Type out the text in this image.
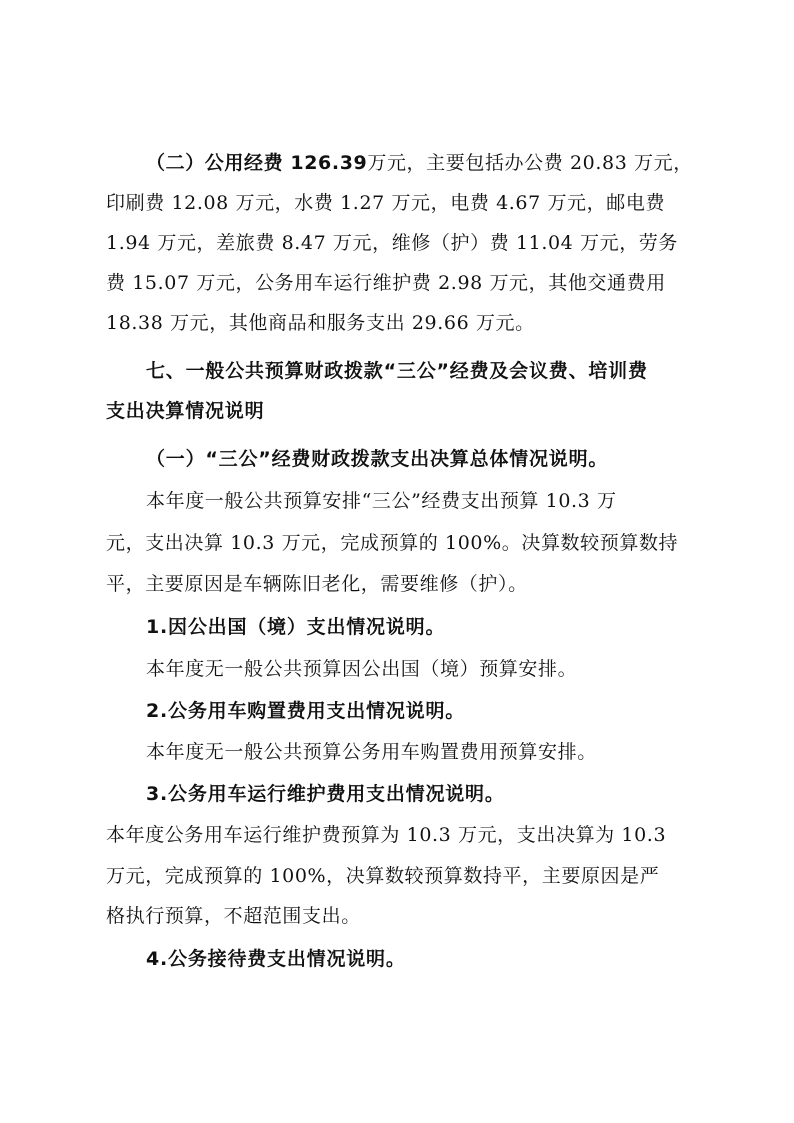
（二）公用经费 126.39万元，主要包括办公费 20.83 万元，
印刷费 12.08 万元，水费 1.27 万元，电费 4.67 万元，邮电费
1.94 万元，差旅费 8.47 万元，维修（护）费 11.04 万元，劳务
费 15.07 万元，公务用车运行维护费 2.98 万元，其他交通费用
18.38 万元，其他商品和服务支出 29.66 万元。
七、一般公共预算财政拨款“三公”经费及会议费、培训费
支出决算情况说明
（一）“三公”经费财政拨款支出决算总体情况说明。
本年度一般公共预算安排“三公”经费支出预算 10.3 万
元，支出决算 10.3 万元，完成预算的 100%。决算数较预算数持
平，主要原因是车辆陈旧老化，需要维修（护）。
1.因公出国（境）支出情况说明。
本年度无一般公共预算因公出国（境）预算安排。
2.公务用车购置费用支出情况说明。
本年度无一般公共预算公务用车购置费用预算安排。
3.公务用车运行维护费用支出情况说明。
本年度公务用车运行维护费预算为 10.3 万元，支出决算为 10.3
万元，完成预算的 100%，决算数较预算数持平，主要原因是严
格执行预算，不超范围支出。
4.公务接待费支出情况说明。
